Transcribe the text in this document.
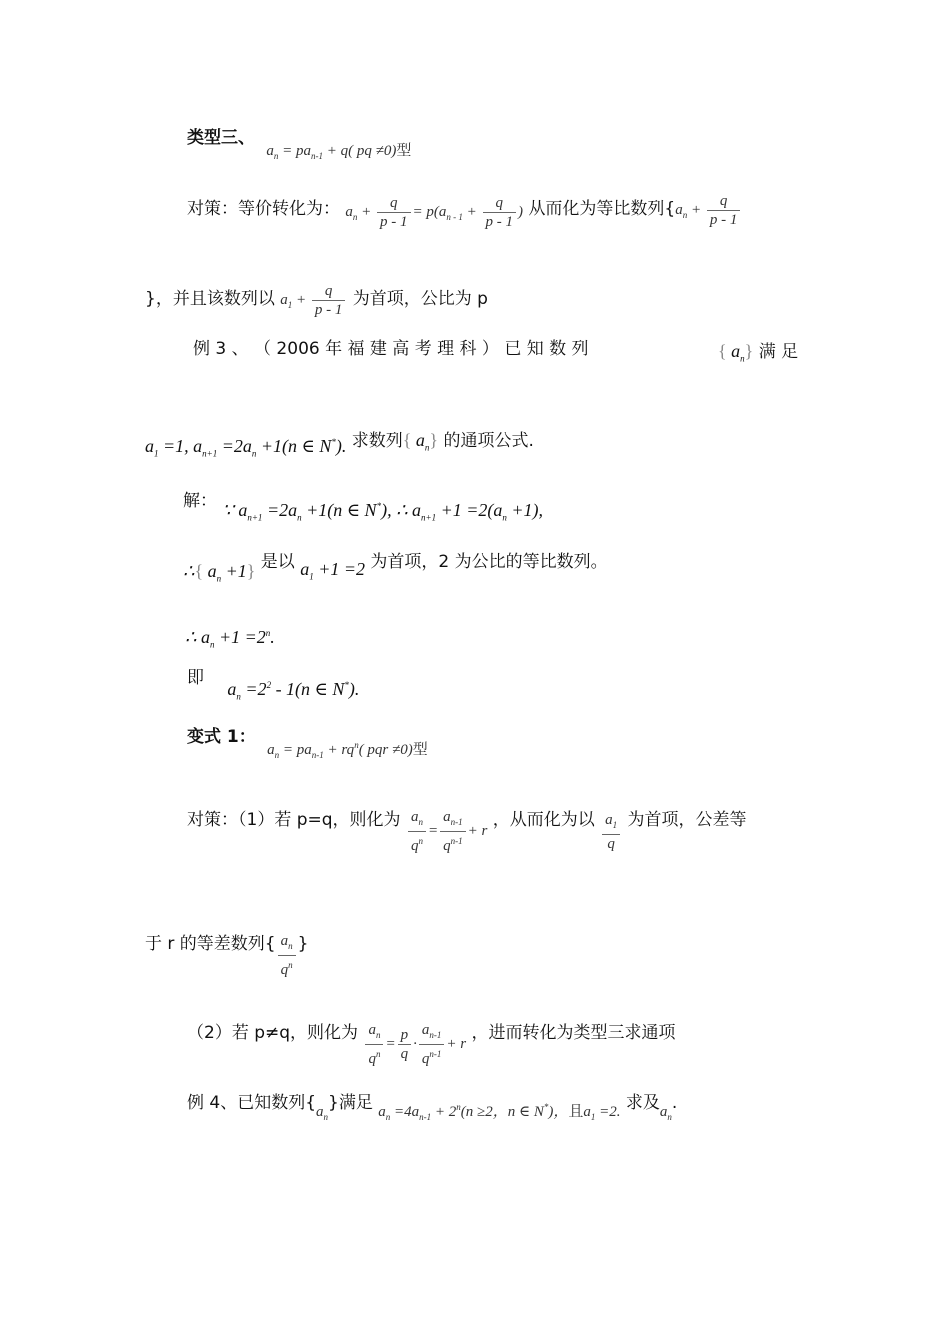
类型三、 $a_n = pa_{n-1} + q$( pq ≠0)型
对策：等价转化为： $a_n + \frac{q}{p - 1} = p(a_{n - 1} + \frac{q}{p - 1}$ ) 从而化为等比数列{$a_n + \frac{q}{p - 1}$
}，并且该数列以 $a_1 + \frac{q}{p - 1}$ 为首项，公比为 p
例 3 、 （ 2006 年 福 建 高 考 理 科 ） 已 知 数 列	{ $a_n$} 满 足
$a_1 =1$, $a_{n+1} =2a_n +1(n$ ∈ N*). 求数列{ $a_n$} 的通项公式.
解： ∵ $a_{n+1} =2a_n +1(n$ ∈ N*), ∴ $a_{n+1} +1 =2(a_n +1)$,
∴{ $a_n +1$} 是以 $a_1 +1 =2$ 为首项，2 为公比的等比数列。
∴ $a_n +1 =2^n$.
即 $a_n =2^2 - 1(n$ ∈ N*).
变式 1： $a_n = pa_{n-1} + rq^n$( pqr ≠0)型
对策：（1）若 p=q，则化为 $\frac{a_n}{q^n} = \frac{a_{n-1}}{q^{n-1}} + r$ ，从而化为以 $\frac{a_1}{q}$ 为首项，公差等
于 r 的等差数列{ $\frac{a_n}{q^n}$ }
（2）若 p≠q，则化为 $\frac{a_n}{q^n} = \frac{p}{q} \cdot \frac{a_{n-1}}{q^{n-1}} + r$ ，进而转化为类型三求通项
例 4、已知数列$\{a_n\}$满足 $a_n =4a_{n-1} + 2^n(n \ge 2$，n ∈ N*)，且$a_1 =2$. 求及$a_n$.
